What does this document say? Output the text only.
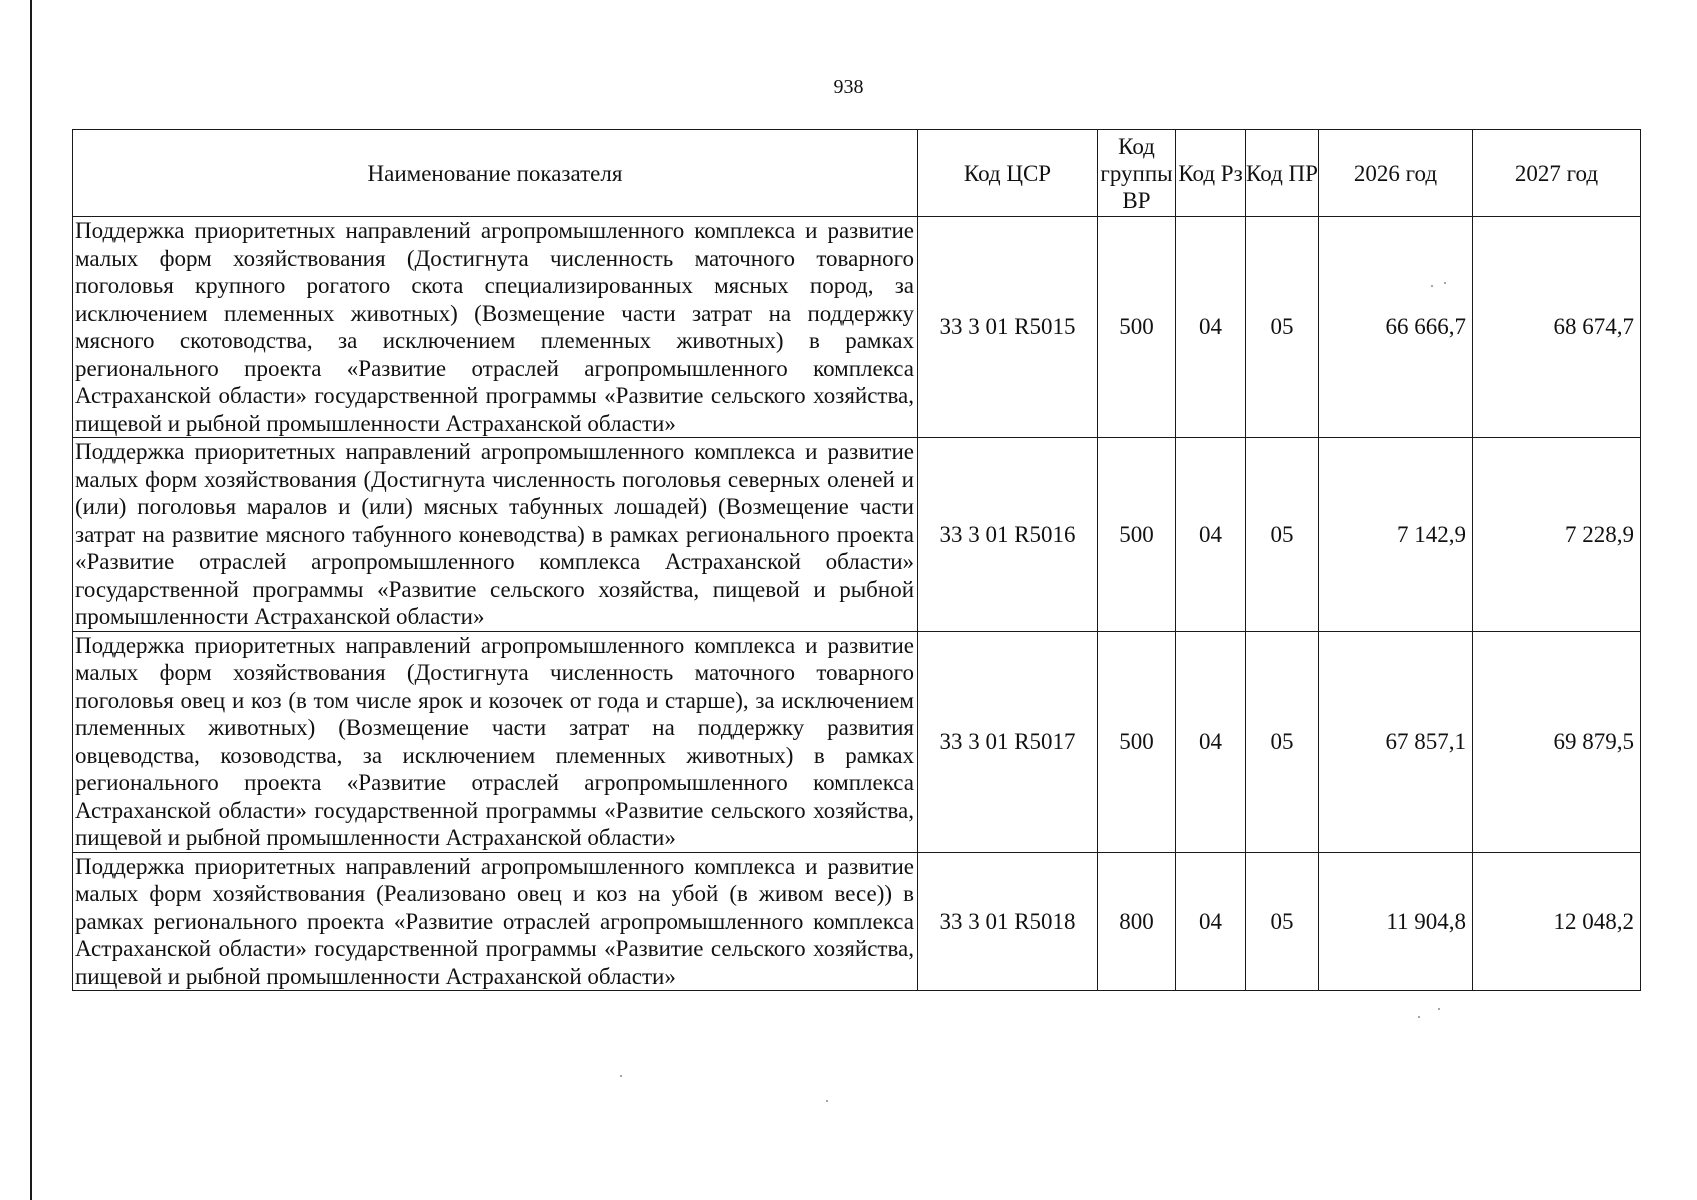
938
Наименование показателя	Код ЦСР	Код группы ВР	Код Рз	Код ПР	2026 год	2027 год
Поддержка приоритетных направлений агропромышленного комплекса и развитие малых форм хозяйствования (Достигнута численность маточного товарного поголовья крупного рогатого скота специализированных мясных пород, за исключением племенных животных) (Возмещение части затрат на поддержку мясного скотоводства, за исключением племенных животных) в рамках регионального проекта «Развитие отраслей агропромышленного комплекса Астраханской области» государственной программы «Развитие сельского хозяйства, пищевой и рыбной промышленности Астраханской области»	33 3 01 R5015	500	04	05	66 666,7	68 674,7
Поддержка приоритетных направлений агропромышленного комплекса и развитие малых форм хозяйствования (Достигнута численность поголовья северных оленей и (или) поголовья маралов и (или) мясных табунных лошадей) (Возмещение части затрат на развитие мясного табунного коневодства) в рамках регионального проекта «Развитие отраслей агропромышленного комплекса Астраханской области» государственной программы «Развитие сельского хозяйства, пищевой и рыбной промышленности Астраханской области»	33 3 01 R5016	500	04	05	7 142,9	7 228,9
Поддержка приоритетных направлений агропромышленного комплекса и развитие малых форм хозяйствования (Достигнута численность маточного товарного поголовья овец и коз (в том числе ярок и козочек от года и старше), за исключением племенных животных) (Возмещение части затрат на поддержку развития овцеводства, козоводства, за исключением племенных животных) в рамках регионального проекта «Развитие отраслей агропромышленного комплекса Астраханской области» государственной программы «Развитие сельского хозяйства, пищевой и рыбной промышленности Астраханской области»	33 3 01 R5017	500	04	05	67 857,1	69 879,5
Поддержка приоритетных направлений агропромышленного комплекса и развитие малых форм хозяйствования (Реализовано овец и коз на убой (в живом весе)) в рамках регионального проекта «Развитие отраслей агропромышленного комплекса Астраханской области» государственной программы «Развитие сельского хозяйства, пищевой и рыбной промышленности Астраханской области»	33 3 01 R5018	800	04	05	11 904,8	12 048,2
